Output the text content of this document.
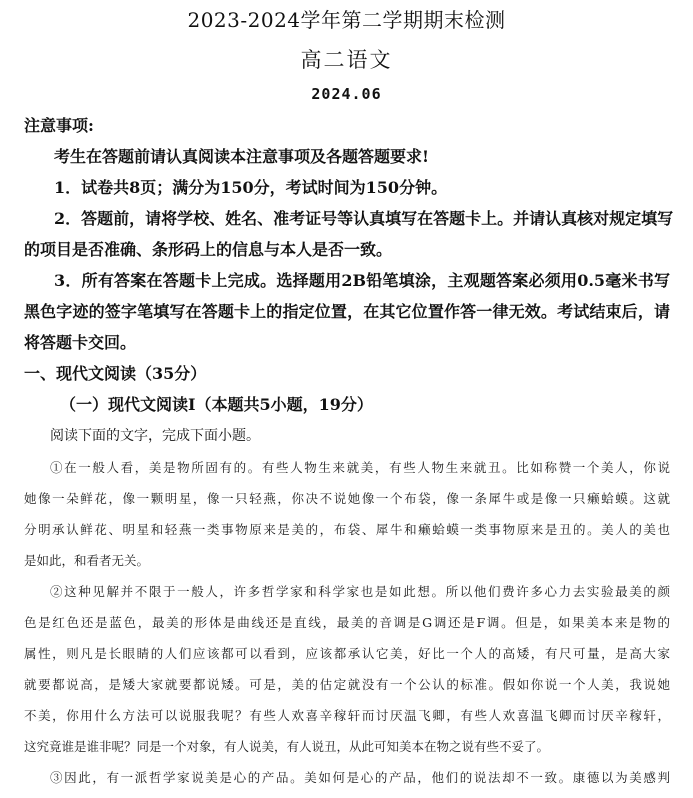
2023-2024学年第二学期期末检测
高二语文
2024.06
注意事项:
考生在答题前请认真阅读本注意事项及各题答题要求!
1．试卷共8页；满分为150分，考试时间为150分钟。
2．答题前，请将学校、姓名、准考证号等认真填写在答题卡上。并请认真核对规定填写
的项目是否准确、条形码上的信息与本人是否一致。
3．所有答案在答题卡上完成。选择题用2B铅笔填涂，主观题答案必须用0.5毫米书写
黑色字迹的签字笔填写在答题卡上的指定位置，在其它位置作答一律无效。考试结束后，请
将答题卡交回。
一、现代文阅读（35分）
（一）现代文阅读Ⅰ（本题共5小题，19分）
阅读下面的文字，完成下面小题。
①在一般人看，美是物所固有的。有些人物生来就美，有些人物生来就丑。比如称赞一个美人，你说
她像一朵鲜花，像一颗明星，像一只轻燕，你决不说她像一个布袋，像一条犀牛或是像一只癞蛤蟆。这就
分明承认鲜花、明星和轻燕一类事物原来是美的，布袋、犀牛和癞蛤蟆一类事物原来是丑的。美人的美也
是如此，和看者无关。
②这种见解并不限于一般人，许多哲学家和科学家也是如此想。所以他们费许多心力去实验最美的颜
色是红色还是蓝色，最美的形体是曲线还是直线，最美的音调是G调还是F调。但是，如果美本来是物的
属性，则凡是长眼睛的人们应该都可以看到，应该都承认它美，好比一个人的高矮，有尺可量，是高大家
就要都说高，是矮大家就要都说矮。可是，美的估定就没有一个公认的标准。假如你说一个人美，我说她
不美，你用什么方法可以说服我呢？有些人欢喜辛稼轩而讨厌温飞卿，有些人欢喜温飞卿而讨厌辛稼轩，
这究竟谁是谁非呢？同是一个对象，有人说美，有人说丑，从此可知美本在物之说有些不妥了。
③因此，有一派哲学家说美是心的产品。美如何是心的产品，他们的说法却不一致。康德以为美感判
